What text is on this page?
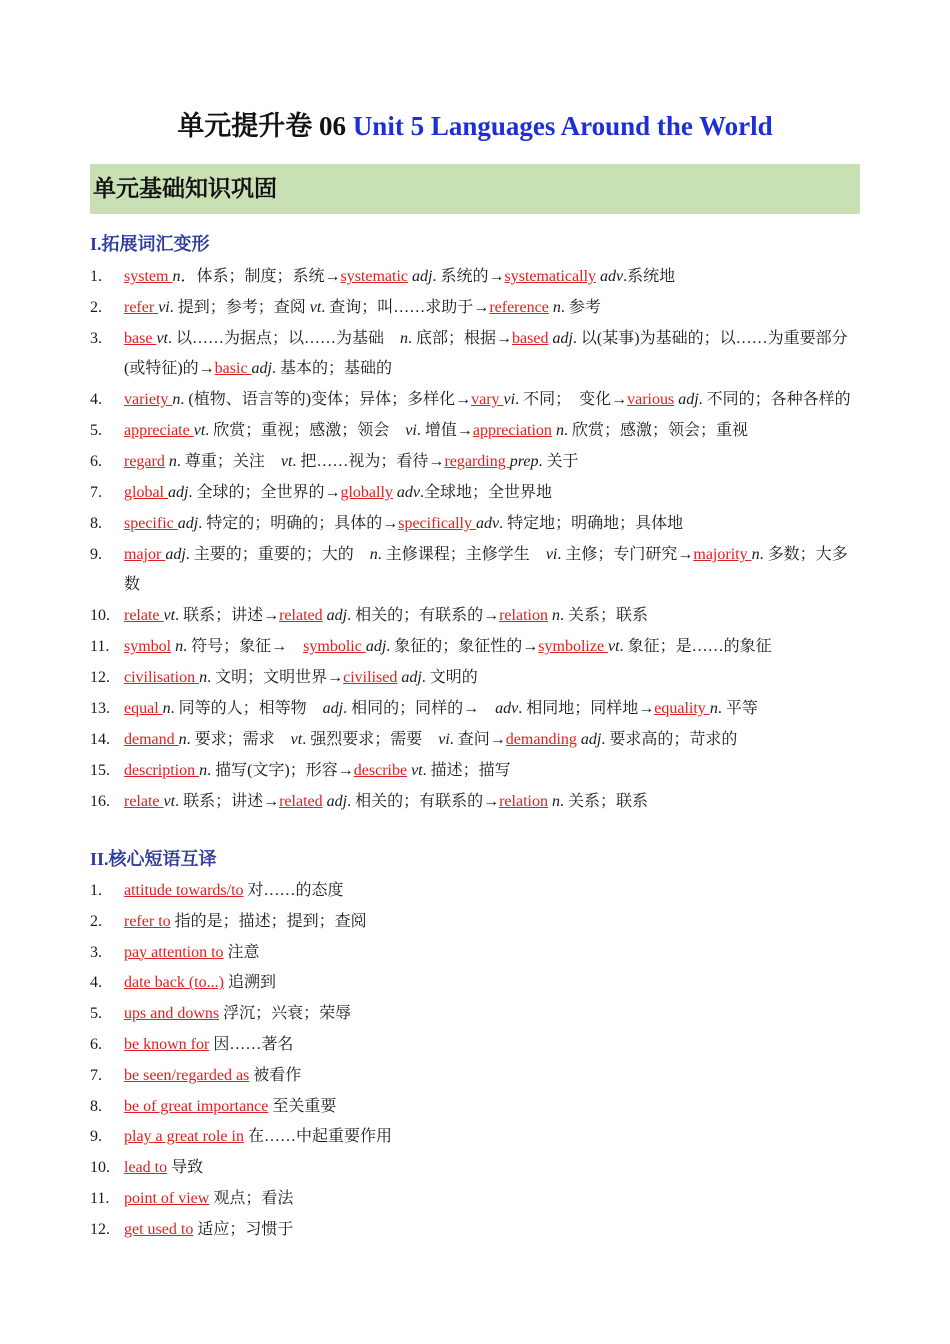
单元提升卷 06 Unit 5 Languages Around the World
单元基础知识巩固
I.拓展词汇变形
1. system n．体系；制度；系统→systematic adj. 系统的→systematically adv.系统地
2. refer vi. 提到；参考；查阅 vt. 查询；叫……求助于→reference n. 参考
3. base vt. 以……为据点；以……为基础　n. 底部；根据→based adj. 以(某事)为基础的；以……为重要部分(或特征)的→basic adj. 基本的；基础的
4. variety n. (植物、语言等的)变体；异体；多样化→vary vi. 不同；　变化→various adj. 不同的；各种各样的
5. appreciate vt. 欣赏；重视；感激；领会　vi. 增值→appreciation n. 欣赏；感激；领会；重视
6. regard n. 尊重；关注　vt. 把……视为；看待→regarding prep. 关于
7. global adj. 全球的；全世界的→globally adv.全球地；全世界地
8. specific adj. 特定的；明确的；具体的→specifically adv. 特定地；明确地；具体地
9. major adj. 主要的；重要的；大的　n. 主修课程；主修学生　vi. 主修；专门研究→majority n. 多数；大多数
10. relate vt. 联系；讲述→related adj. 相关的；有联系的→relation n. 关系；联系
11. symbol n. 符号；象征→　symbolic adj. 象征的；象征性的→symbolize vt. 象征；是……的象征
12. civilisation n. 文明；文明世界→civilised adj. 文明的
13. equal n. 同等的人；相等物　adj. 相同的；同样的→　adv. 相同地；同样地→equality n. 平等
14. demand n. 要求；需求　vt. 强烈要求；需要　vi. 查问→demanding adj. 要求高的；苛求的
15. description n. 描写(文字)；形容→describe vt. 描述；描写
16. relate vt. 联系；讲述→related adj. 相关的；有联系的→relation n. 关系；联系
II.核心短语互译
1. attitude towards/to 对……的态度
2. refer to 指的是；描述；提到；查阅
3. pay attention to 注意
4. date back (to...) 追溯到
5. ups and downs 浮沉；兴衰；荣辱
6. be known for 因……著名
7. be seen/regarded as 被看作
8. be of great importance 至关重要
9. play a great role in 在……中起重要作用
10. lead to 导致
11. point of view 观点；看法
12. get used to 适应；习惯于
